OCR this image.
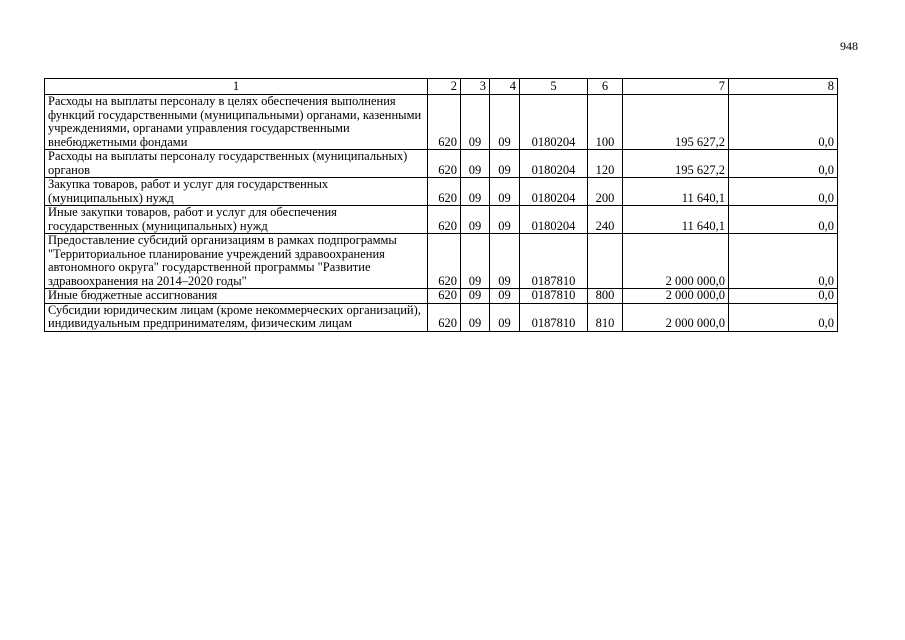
948
1	2	3	4	5	6	7	8
Расходы на выплаты персоналу в целях обеспечения выполнения функций государственными (муниципальными) органами, казенными учреждениями, органами управления государственными внебюджетными фондами	620	09	09	0180204	100	195 627,2	0,0
Расходы на выплаты персоналу государственных (муниципальных) органов	620	09	09	0180204	120	195 627,2	0,0
Закупка товаров, работ и услуг для государственных (муниципальных) нужд	620	09	09	0180204	200	11 640,1	0,0
Иные закупки товаров, работ и услуг для обеспечения государственных (муниципальных) нужд	620	09	09	0180204	240	11 640,1	0,0
Предоставление субсидий организациям в рамках подпрограммы "Территориальное планирование учреждений здравоохранения автономного округа" государственной программы "Развитие здравоохранения на 2014–2020 годы"	620	09	09	0187810		2 000 000,0	0,0
Иные бюджетные ассигнования	620	09	09	0187810	800	2 000 000,0	0,0
Субсидии юридическим лицам (кроме некоммерческих организаций), индивидуальным предпринимателям, физическим лицам	620	09	09	0187810	810	2 000 000,0	0,0
